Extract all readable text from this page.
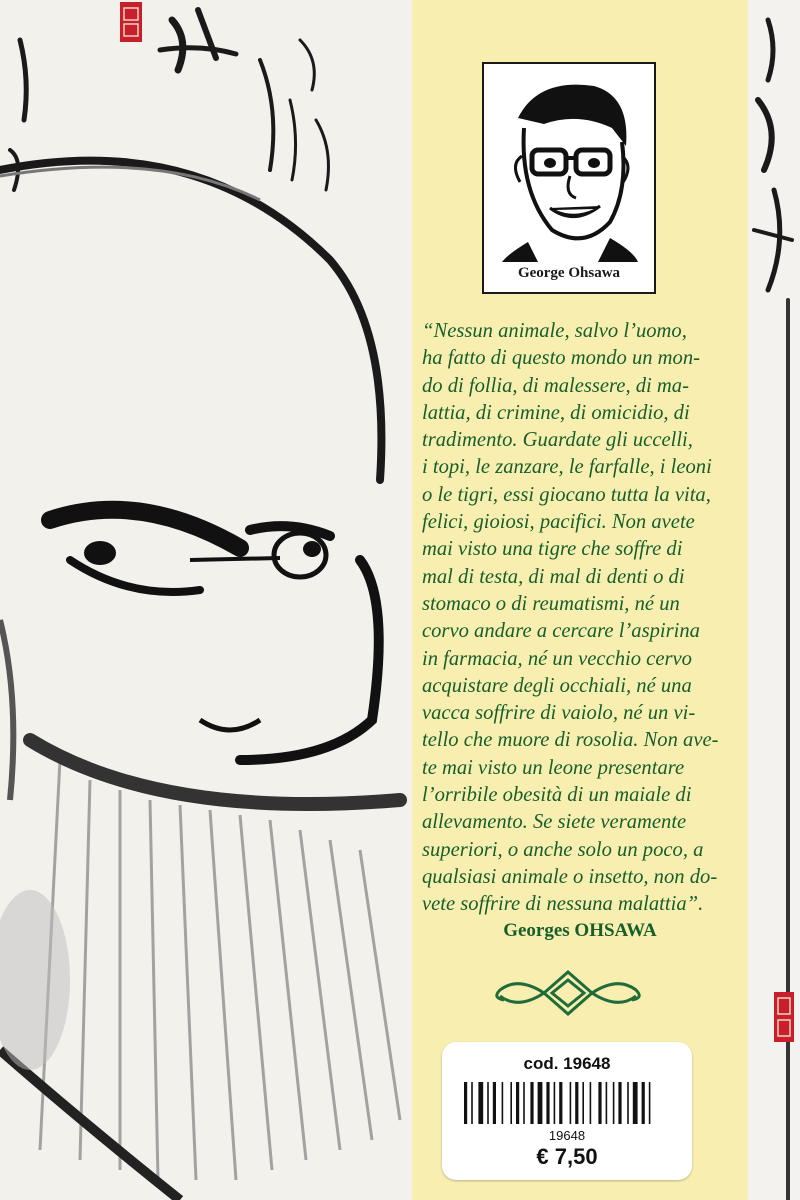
George Ohsawa
“Nessun animale, salvo l’uomo,
ha fatto di questo mondo un mon-
do di follia, di malessere, di ma-
lattia, di crimine, di omicidio, di
tradimento. Guardate gli uccelli,
i topi, le zanzare, le farfalle, i leoni
o le tigri, essi giocano tutta la vita,
felici, gioiosi, pacifici. Non avete
mai visto una tigre che soffre di
mal di testa, di mal di denti o di
stomaco o di reumatismi, né un
corvo andare a cercare l’aspirina
in farmacia, né un vecchio cervo
acquistare degli occhiali, né una
vacca soffrire di vaiolo, né un vi-
tello che muore di rosolia. Non ave-
te mai visto un leone presentare
l’orribile obesità di un maiale di
allevamento. Se siete veramente
superiori, o anche solo un poco, a
qualsiasi animale o insetto, non do-
vete soffrire di nessuna malattia”.
Georges OHSAWA
cod. 19648
19648
€ 7,50
